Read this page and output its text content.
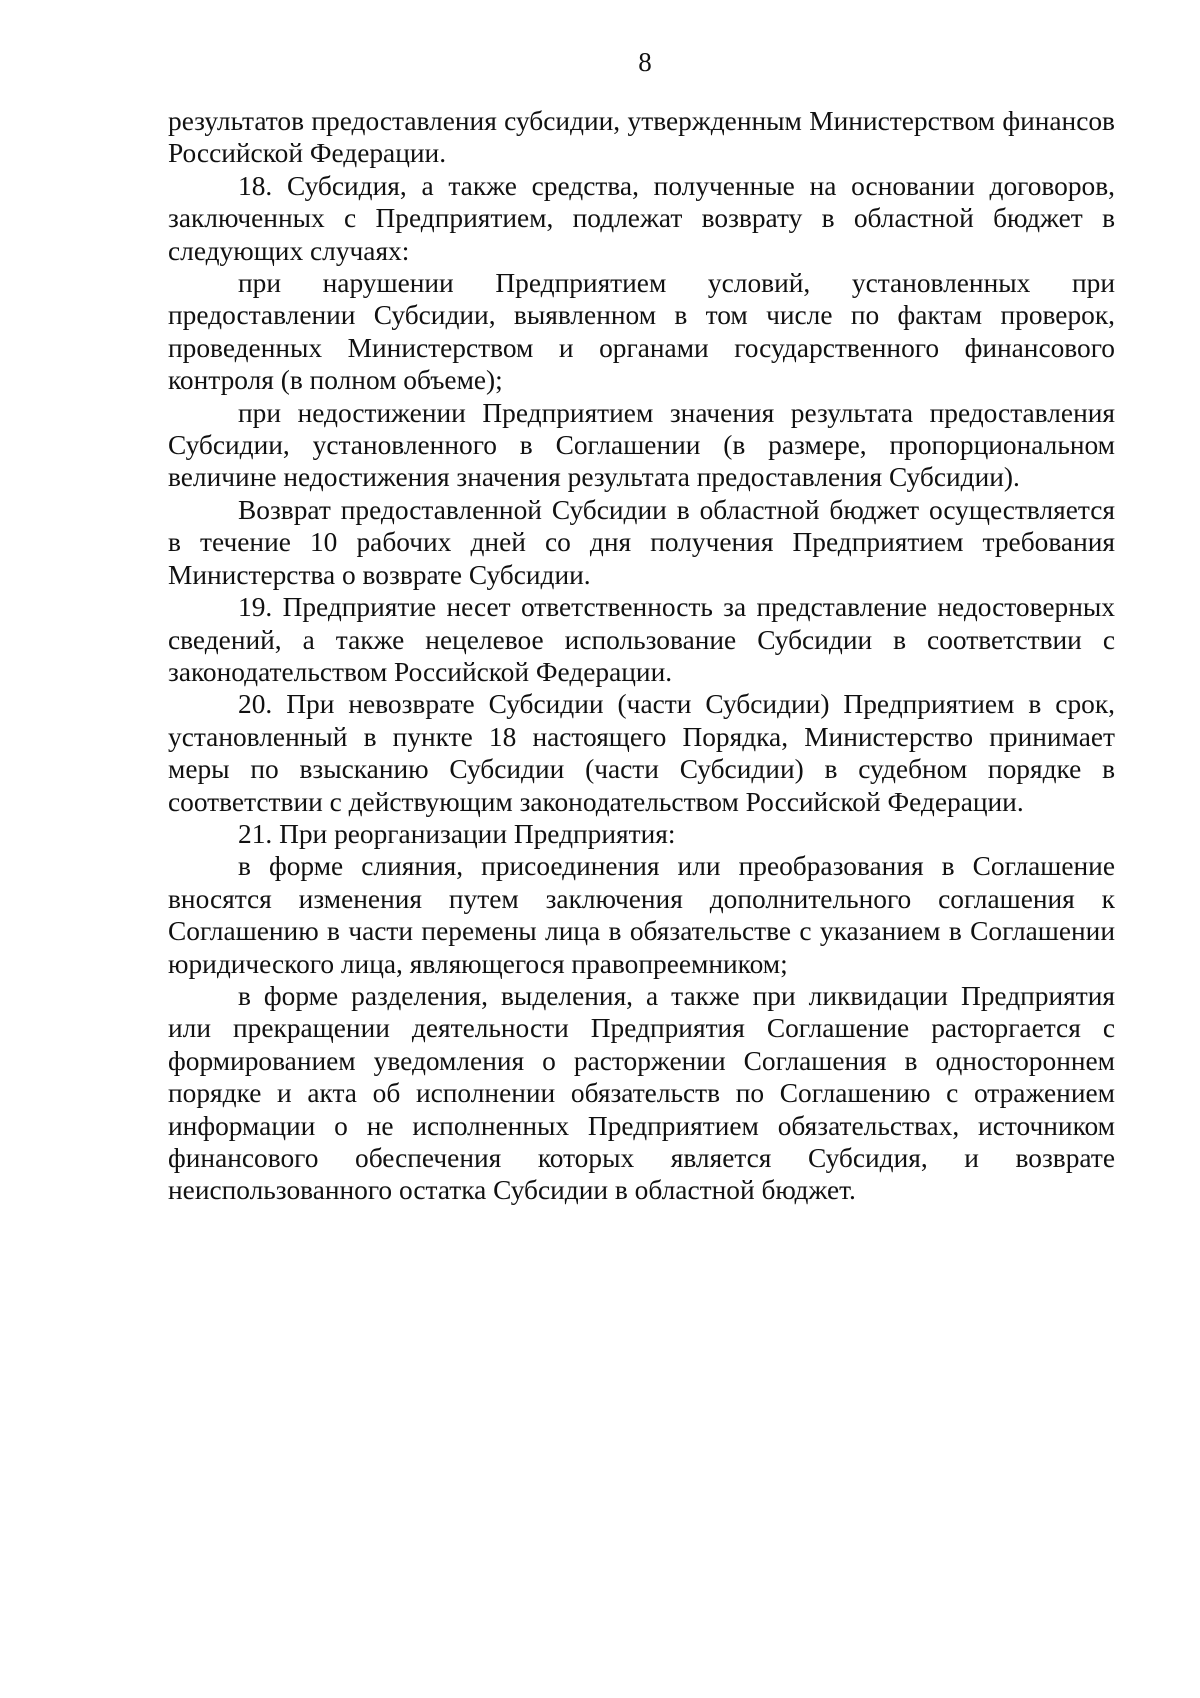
8

результатов предоставления субсидии, утвержденным Министерством финансов Российской Федерации.

18. Субсидия, а также средства, полученные на основании договоров, заключенных с Предприятием, подлежат возврату в областной бюджет в следующих случаях:

при нарушении Предприятием условий, установленных при предоставлении Субсидии, выявленном в том числе по фактам проверок, проведенных Министерством и органами государственного финансового контроля (в полном объеме);

при недостижении Предприятием значения результата предоставления Субсидии, установленного в Соглашении (в размере, пропорциональном величине недостижения значения результата предоставления Субсидии).

Возврат предоставленной Субсидии в областной бюджет осуществляется в течение 10 рабочих дней со дня получения Предприятием требования Министерства о возврате Субсидии.

19. Предприятие несет ответственность за представление недостоверных сведений, а также нецелевое использование Субсидии в соответствии с законодательством Российской Федерации.

20. При невозврате Субсидии (части Субсидии) Предприятием в срок, установленный в пункте 18 настоящего Порядка, Министерство принимает меры по взысканию Субсидии (части Субсидии) в судебном порядке в соответствии с действующим законодательством Российской Федерации.

21. При реорганизации Предприятия:

в форме слияния, присоединения или преобразования в Соглашение вносятся изменения путем заключения дополнительного соглашения к Соглашению в части перемены лица в обязательстве с указанием в Соглашении юридического лица, являющегося правопреемником;

в форме разделения, выделения, а также при ликвидации Предприятия или прекращении деятельности Предприятия Соглашение расторгается с формированием уведомления о расторжении Соглашения в одностороннем порядке и акта об исполнении обязательств по Соглашению с отражением информации о не исполненных Предприятием обязательствах, источником финансового обеспечения которых является Субсидия, и возврате неиспользованного остатка Субсидии в областной бюджет.
